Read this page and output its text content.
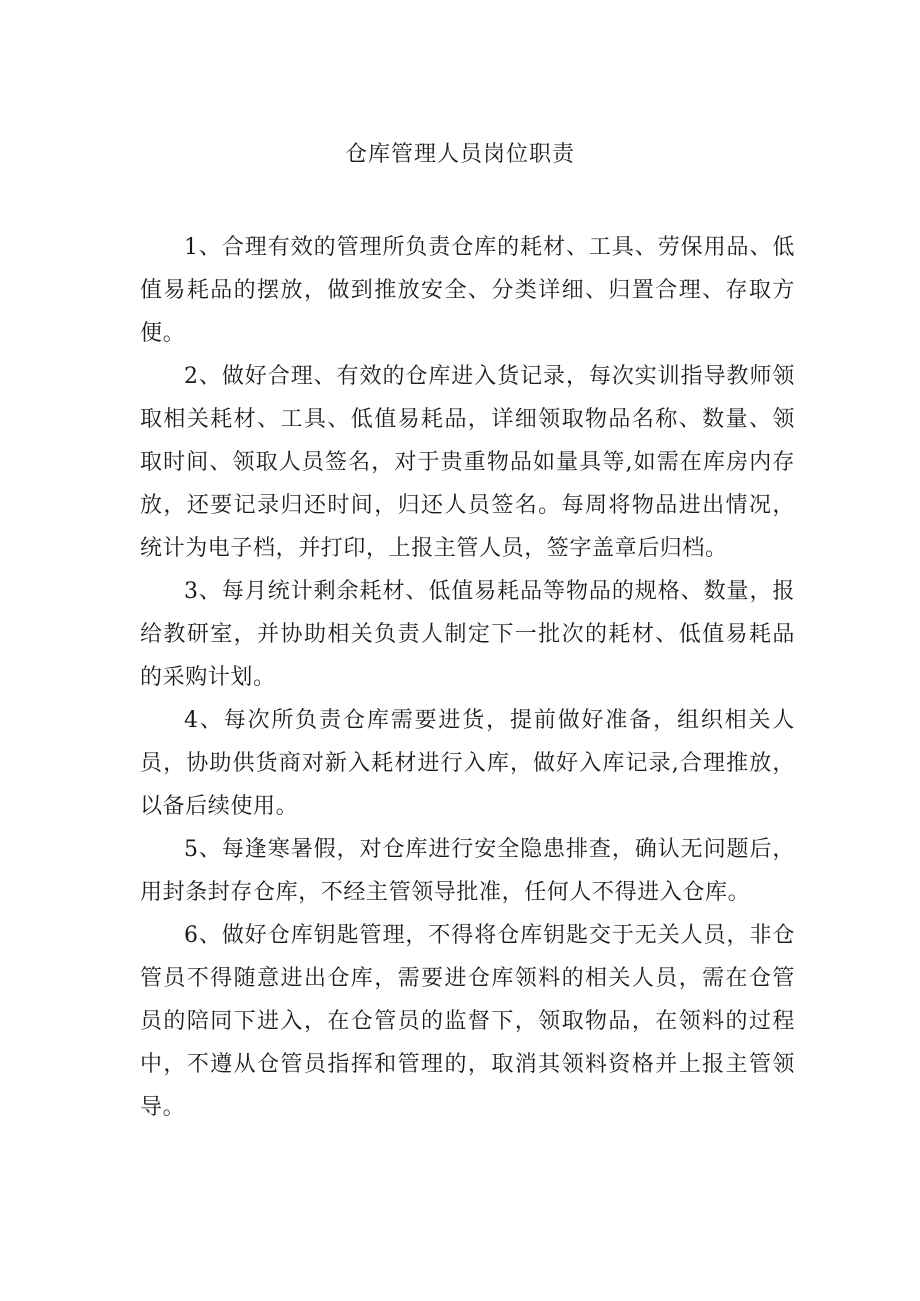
仓库管理人员岗位职责

1、合理有效的管理所负责仓库的耗材、工具、劳保用品、低值易耗品的摆放，做到推放安全、分类详细、归置合理、存取方便。

2、做好合理、有效的仓库进入货记录，每次实训指导教师领取相关耗材、工具、低值易耗品，详细领取物品名称、数量、领取时间、领取人员签名，对于贵重物品如量具等,如需在库房内存放，还要记录归还时间，归还人员签名。每周将物品进出情况，统计为电子档，并打印，上报主管人员，签字盖章后归档。

3、每月统计剩余耗材、低值易耗品等物品的规格、数量，报给教研室，并协助相关负责人制定下一批次的耗材、低值易耗品的采购计划。

4、每次所负责仓库需要进货，提前做好准备，组织相关人员，协助供货商对新入耗材进行入库，做好入库记录,合理推放，以备后续使用。

5、每逢寒暑假，对仓库进行安全隐患排查，确认无问题后，用封条封存仓库，不经主管领导批准，任何人不得进入仓库。

6、做好仓库钥匙管理，不得将仓库钥匙交于无关人员，非仓管员不得随意进出仓库，需要进仓库领料的相关人员，需在仓管员的陪同下进入，在仓管员的监督下，领取物品，在领料的过程中，不遵从仓管员指挥和管理的，取消其领料资格并上报主管领导。
